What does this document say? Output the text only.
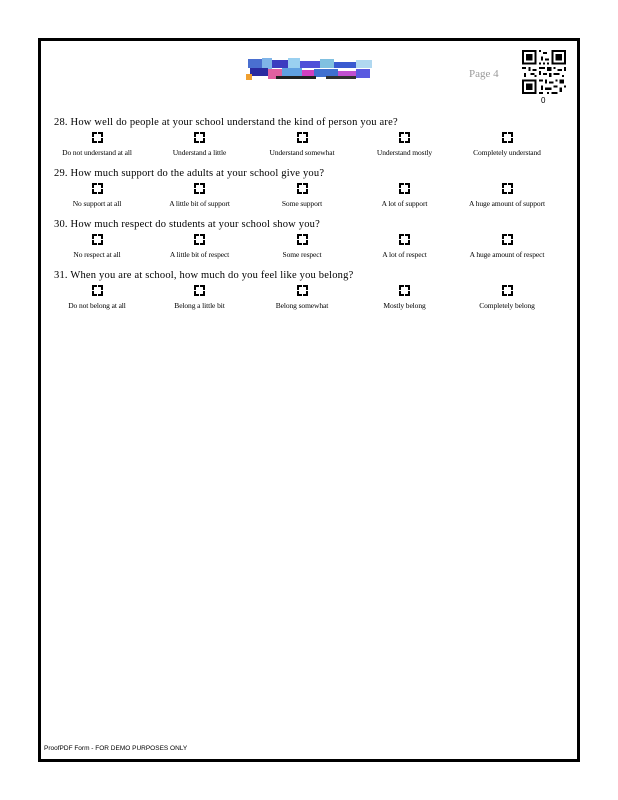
Page 4
0
28. How well do people at your school understand the kind of person you are?
Do not understand at all	Understand a little	Understand somewhat	Understand mostly	Completely understand
29. How much support do the adults at your school give you?
No support at all	A little bit of support	Some support	A lot of support	A huge amount of support
30. How much respect do students at your school show you?
No respect at all	A little bit of respect	Some respect	A lot of respect	A huge amount of respect
31. When you are at school, how much do you feel like you belong?
Do not belong at all	Belong a little bit	Belong somewhat	Mostly belong	Completely belong
ProofPDF Form - FOR DEMO PURPOSES ONLY
